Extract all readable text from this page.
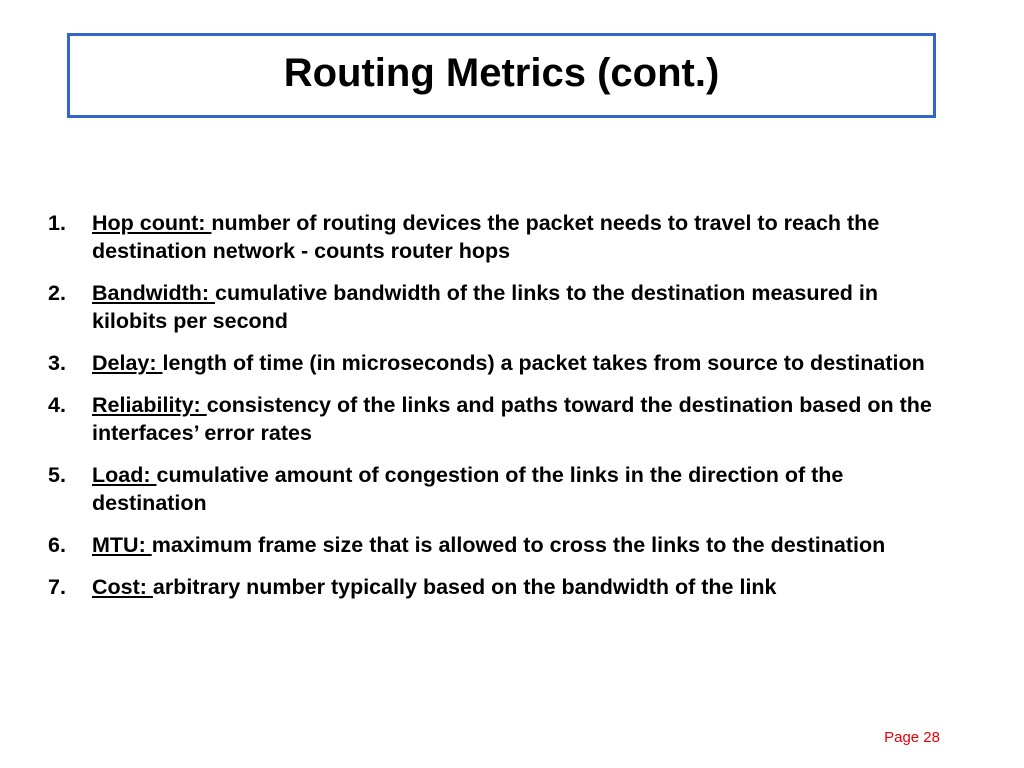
Routing Metrics (cont.)
1.	Hop count: number of routing devices the packet needs to travel to reach the destination network - counts router hops
2.	Bandwidth: cumulative bandwidth of the links to the destination measured in kilobits per second
3.	Delay: length of time (in microseconds) a packet takes from source to destination
4.	Reliability: consistency of the links and paths toward the destination based on the interfaces’ error rates
5.	Load: cumulative amount of congestion of the links in the direction of the destination
6.	MTU: maximum frame size that is allowed to cross the links to the destination
7.	Cost: arbitrary number typically based on the bandwidth of the link
Page 28
